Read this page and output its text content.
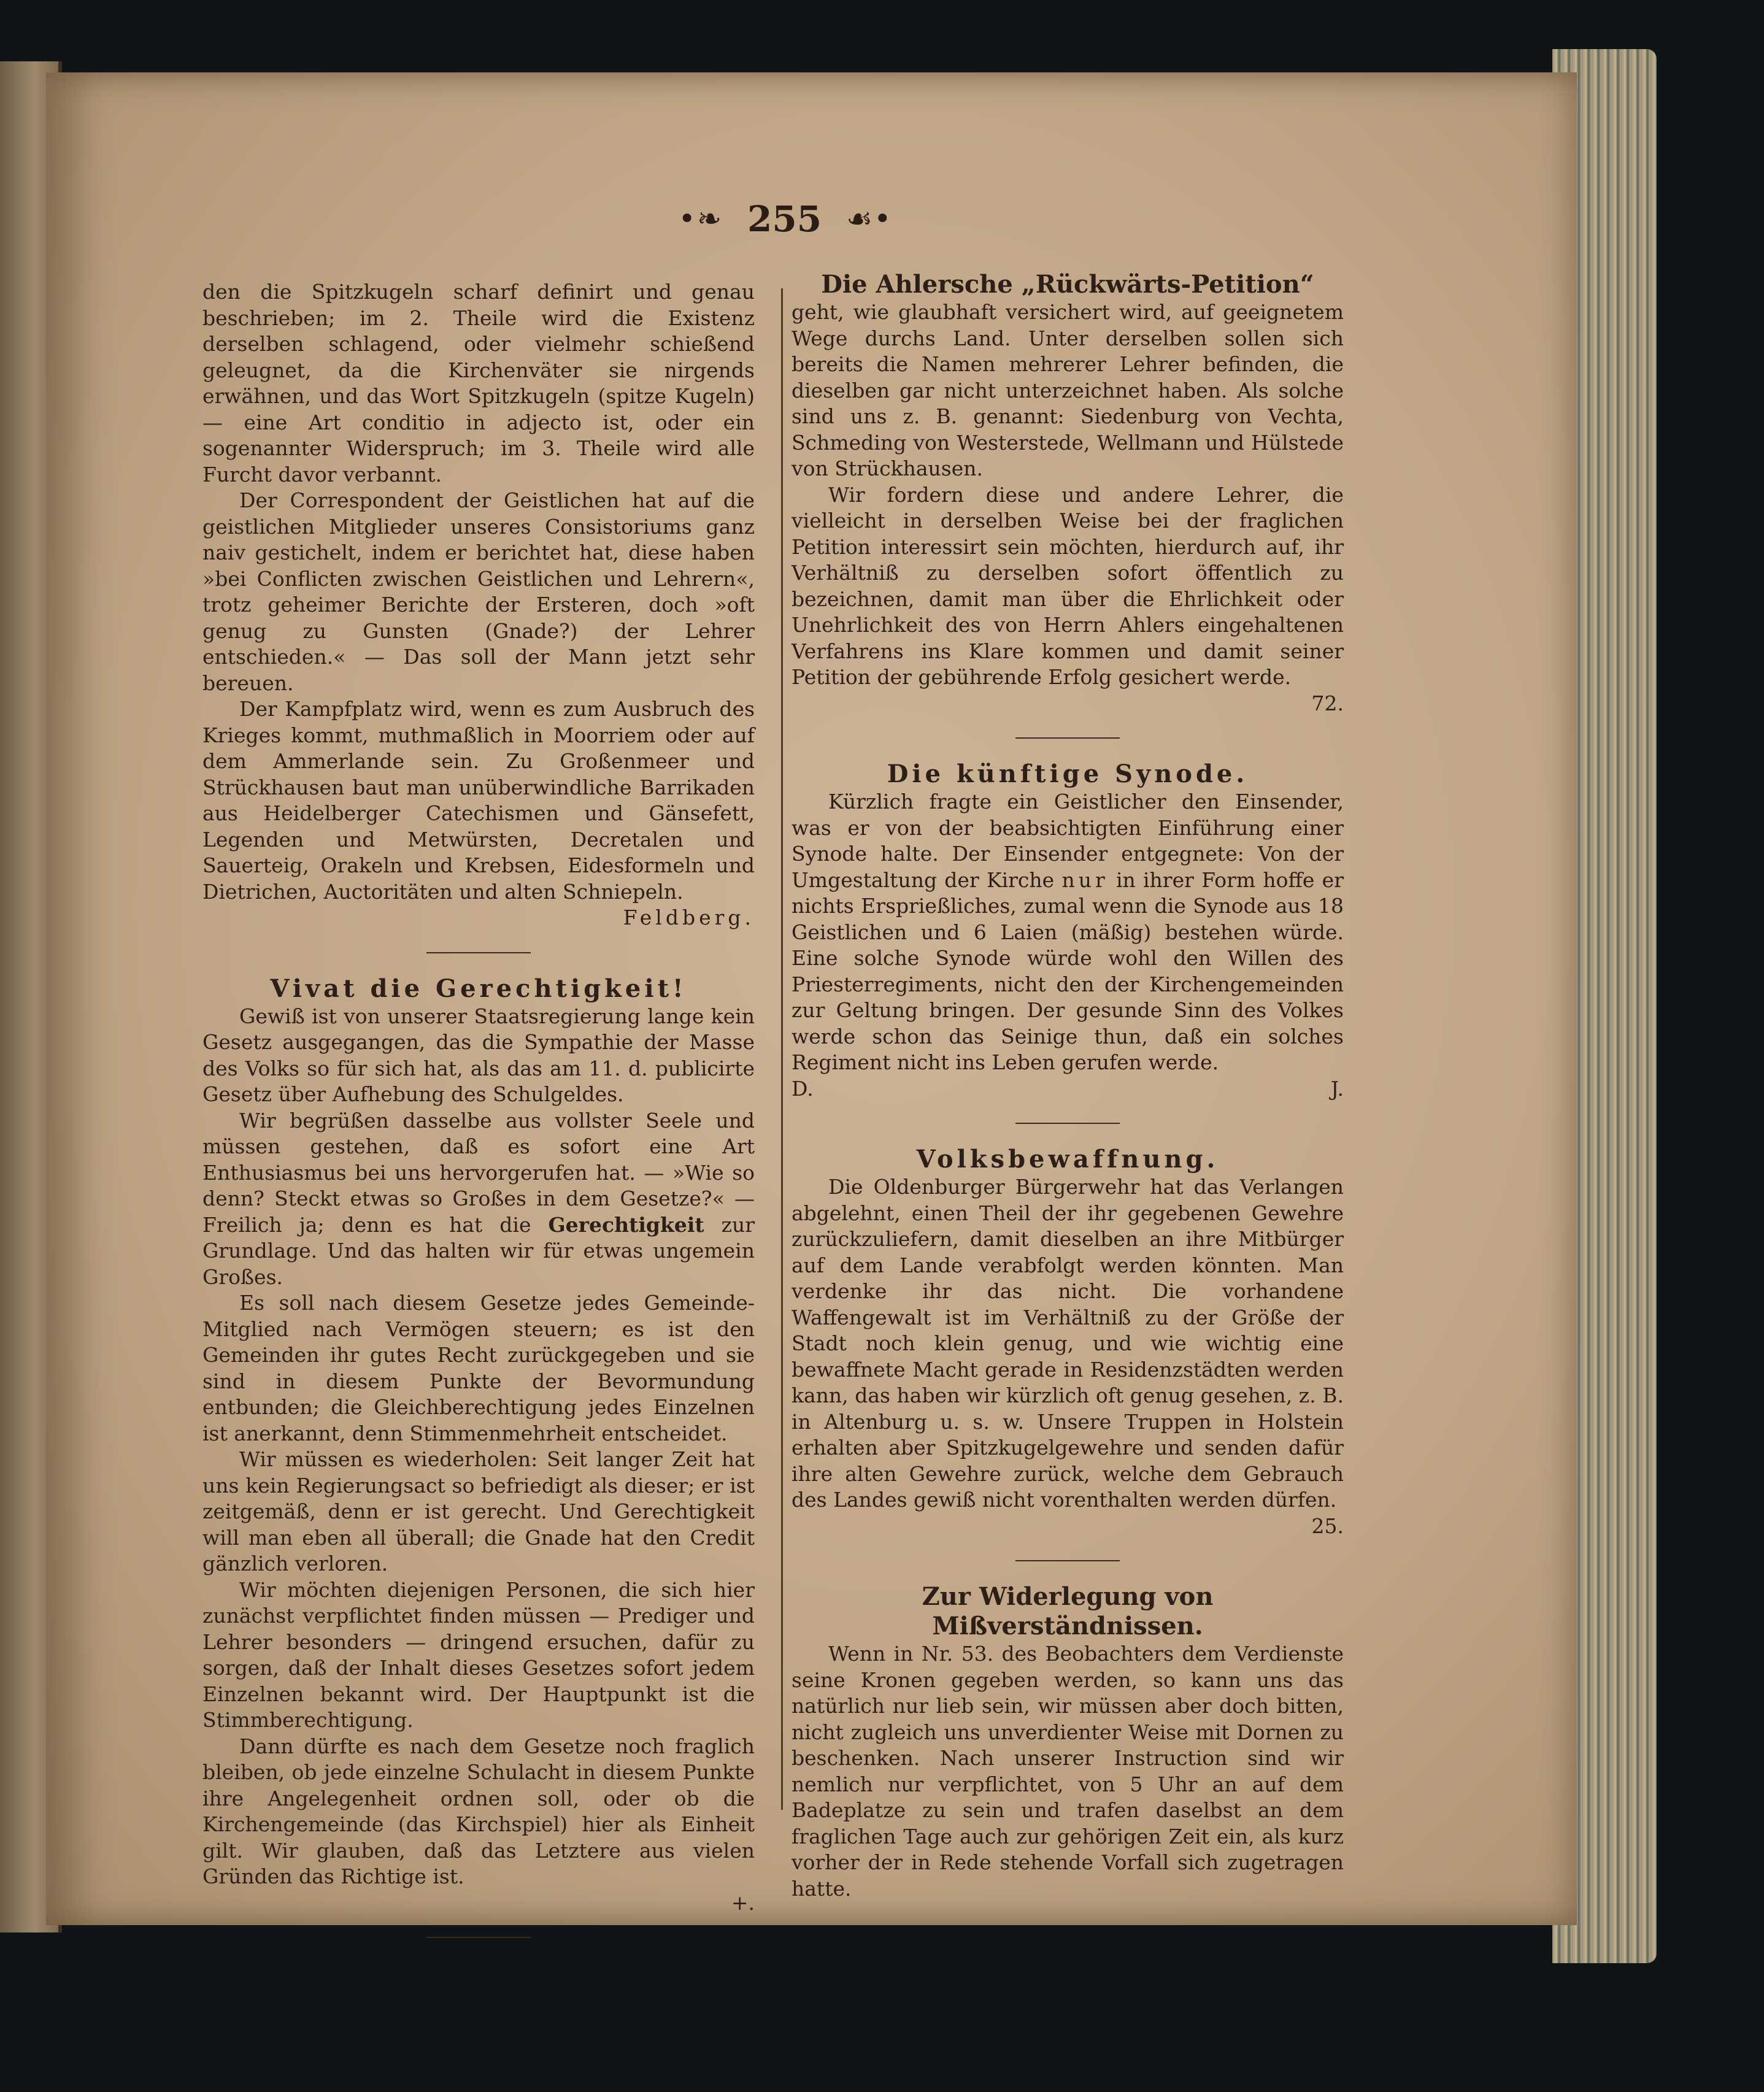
•❧ 255 ☙•

den die Spitzkugeln scharf definirt und genau beschrieben; im 2. Theile wird die Existenz derselben schlagend, oder vielmehr schießend geleugnet, da die Kirchenväter sie nirgends erwähnen, und das Wort Spitzkugeln (spitze Kugeln) — eine Art conditio in adjecto ist, oder ein sogenannter Widerspruch; im 3. Theile wird alle Furcht davor verbannt.

Der Correspondent der Geistlichen hat auf die geistlichen Mitglieder unseres Consistoriums ganz naiv gestichelt, indem er berichtet hat, diese haben »bei Conflicten zwischen Geistlichen und Lehrern«, trotz geheimer Berichte der Ersteren, doch »oft genug zu Gunsten (Gnade?) der Lehrer entschieden.« — Das soll der Mann jetzt sehr bereuen.

Der Kampfplatz wird, wenn es zum Ausbruch des Krieges kommt, muthmaßlich in Moorriem oder auf dem Ammerlande sein. Zu Großenmeer und Strückhausen baut man unüberwindliche Barrikaden aus Heidelberger Catechismen und Gänsefett, Legenden und Metwürsten, Decretalen und Sauerteig, Orakeln und Krebsen, Eidesformeln und Dietrichen, Auctoritäten und alten Schniepeln.

Feldberg.

Vivat die Gerechtigkeit!

Gewiß ist von unserer Staatsregierung lange kein Gesetz ausgegangen, das die Sympathie der Masse des Volks so für sich hat, als das am 11. d. publicirte Gesetz über Aufhebung des Schulgeldes.

Wir begrüßen dasselbe aus vollster Seele und müssen gestehen, daß es sofort eine Art Enthusiasmus bei uns hervorgerufen hat. — »Wie so denn? Steckt etwas so Großes in dem Gesetze?« — Freilich ja; denn es hat die Gerechtigkeit zur Grundlage. Und das halten wir für etwas ungemein Großes.

Es soll nach diesem Gesetze jedes Gemeinde-Mitglied nach Vermögen steuern; es ist den Gemeinden ihr gutes Recht zurückgegeben und sie sind in diesem Punkte der Bevormundung entbunden; die Gleichberechtigung jedes Einzelnen ist anerkannt, denn Stimmenmehrheit entscheidet.

Wir müssen es wiederholen: Seit langer Zeit hat uns kein Regierungsact so befriedigt als dieser; er ist zeitgemäß, denn er ist gerecht. Und Gerechtigkeit will man eben all überall; die Gnade hat den Credit gänzlich verloren.

Wir möchten diejenigen Personen, die sich hier zunächst verpflichtet finden müssen — Prediger und Lehrer besonders — dringend ersuchen, dafür zu sorgen, daß der Inhalt dieses Gesetzes sofort jedem Einzelnen bekannt wird. Der Hauptpunkt ist die Stimmberechtigung.

Dann dürfte es nach dem Gesetze noch fraglich bleiben, ob jede einzelne Schulacht in diesem Punkte ihre Angelegenheit ordnen soll, oder ob die Kirchengemeinde (das Kirchspiel) hier als Einheit gilt. Wir glauben, daß das Letztere aus vielen Gründen das Richtige ist.

+.

Die Ahlersche „Rückwärts-Petition“

geht, wie glaubhaft versichert wird, auf geeignetem Wege durchs Land. Unter derselben sollen sich bereits die Namen mehrerer Lehrer befinden, die dieselben gar nicht unterzeichnet haben. Als solche sind uns z. B. genannt: Siedenburg von Vechta, Schmeding von Westerstede, Wellmann und Hülstede von Strückhausen.

Wir fordern diese und andere Lehrer, die vielleicht in derselben Weise bei der fraglichen Petition interessirt sein möchten, hierdurch auf, ihr Verhältniß zu derselben sofort öffentlich zu bezeichnen, damit man über die Ehrlichkeit oder Unehrlichkeit des von Herrn Ahlers eingehaltenen Verfahrens ins Klare kommen und damit seiner Petition der gebührende Erfolg gesichert werde.

72.

Die künftige Synode.

Kürzlich fragte ein Geistlicher den Einsender, was er von der beabsichtigten Einführung einer Synode halte. Der Einsender entgegnete: Von der Umgestaltung der Kirche nur in ihrer Form hoffe er nichts Ersprießliches, zumal wenn die Synode aus 18 Geistlichen und 6 Laien (mäßig) bestehen würde. Eine solche Synode würde wohl den Willen des Priesterregiments, nicht den der Kirchengemeinden zur Geltung bringen. Der gesunde Sinn des Volkes werde schon das Seinige thun, daß ein solches Regiment nicht ins Leben gerufen werde.

D.	J.

Volksbewaffnung.

Die Oldenburger Bürgerwehr hat das Verlangen abgelehnt, einen Theil der ihr gegebenen Gewehre zurückzuliefern, damit dieselben an ihre Mitbürger auf dem Lande verabfolgt werden könnten. Man verdenke ihr das nicht. Die vorhandene Waffengewalt ist im Verhältniß zu der Größe der Stadt noch klein genug, und wie wichtig eine bewaffnete Macht gerade in Residenzstädten werden kann, das haben wir kürzlich oft genug gesehen, z. B. in Altenburg u. s. w. Unsere Truppen in Holstein erhalten aber Spitzkugelgewehre und senden dafür ihre alten Gewehre zurück, welche dem Gebrauch des Landes gewiß nicht vorenthalten werden dürfen.

25.

Zur Widerlegung von Mißverständnissen.

Wenn in Nr. 53. des Beobachters dem Verdienste seine Kronen gegeben werden, so kann uns das natürlich nur lieb sein, wir müssen aber doch bitten, nicht zugleich uns unverdienter Weise mit Dornen zu beschenken. Nach unserer Instruction sind wir nemlich nur verpflichtet, von 5 Uhr an auf dem Badeplatze zu sein und trafen daselbst an dem fraglichen Tage auch zur gehörigen Zeit ein, als kurz vorher der in Rede stehende Vorfall sich zugetragen hatte.
